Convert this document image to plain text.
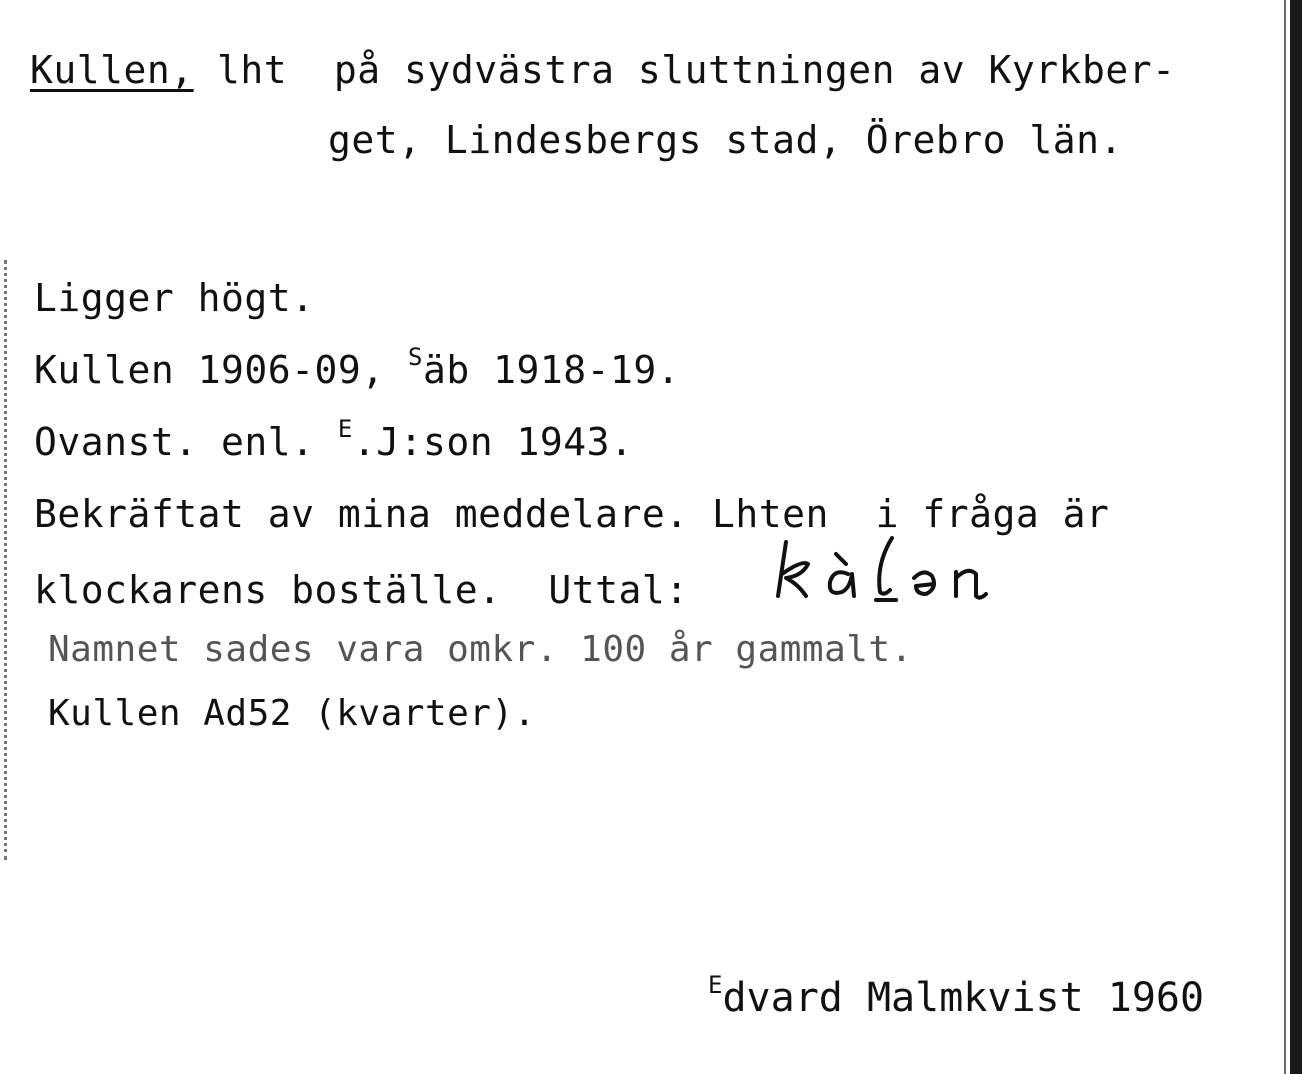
Kullen, lht  på sydvästra sluttningen av Kyrkber-
get, Lindesbergs stad, Örebro län.
Ligger högt.
Kullen 1906-09, $^S$äb 1918-19.
Ovanst. enl. $^E$.J:son 1943.
Bekräftat av mina meddelare. Lhten  i fråga är
klockarens boställe.  Uttal:
Namnet sades vara omkr. 100 år gammalt.
Kullen Ad52 (kvarter).
$^E$dvard Malmkvist 1960
